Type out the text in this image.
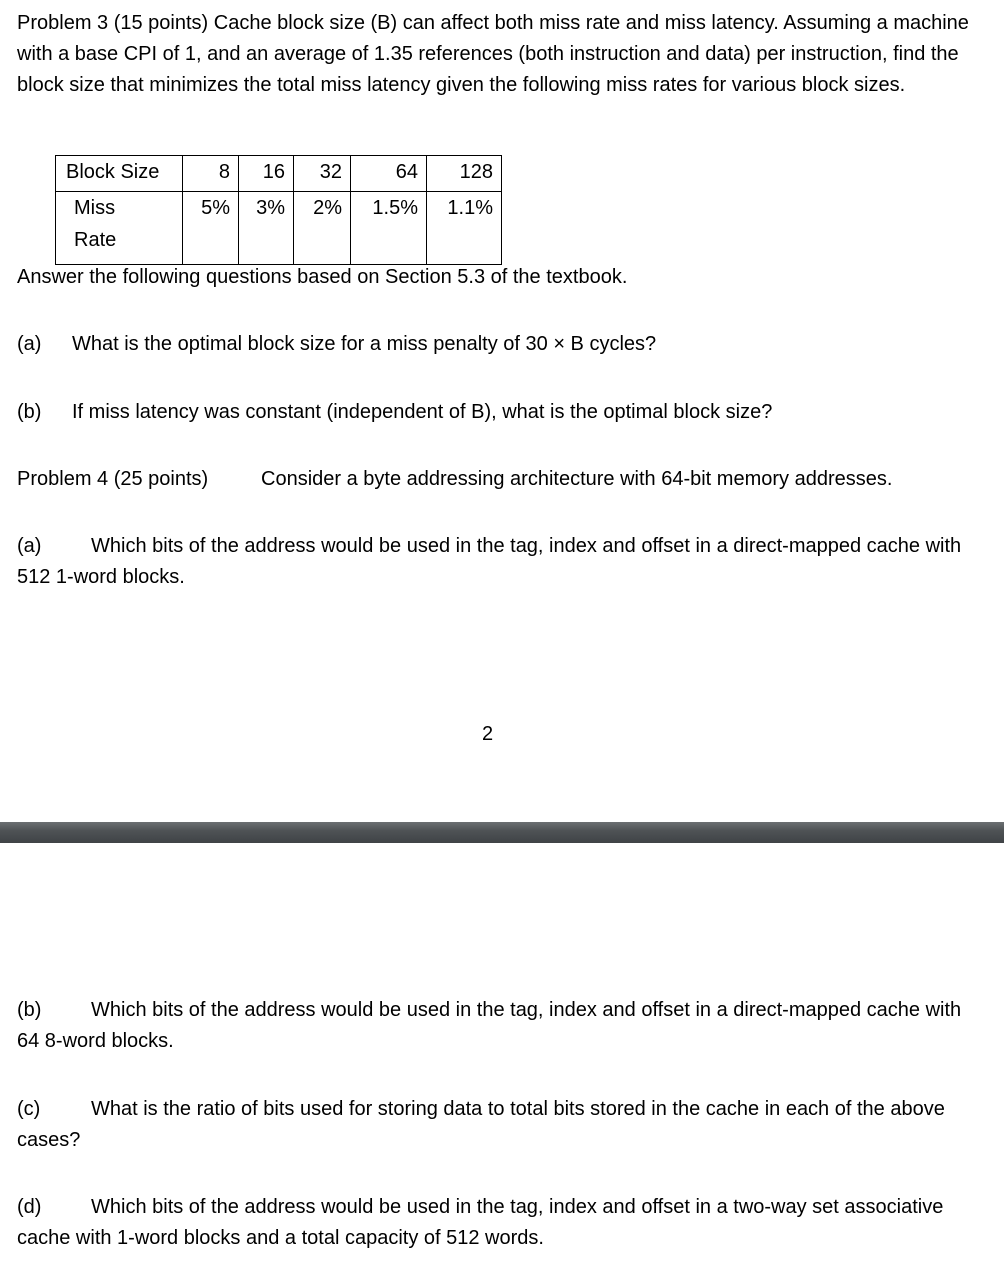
Problem 3 (15 points) Cache block size (B) can affect both miss rate and miss latency. Assuming a machine with a base CPI of 1, and an average of 1.35 references (both instruction and data) per instruction, find the block size that minimizes the total miss latency given the following miss rates for various block sizes.

Block Size	8	16	32	64	128

Miss
Rate	5%	3%	2%	1.5%	1.1%

Answer the following questions based on Section 5.3 of the textbook.

(a) What is the optimal block size for a miss penalty of 30 × B cycles?
(b) If miss latency was constant (independent of B), what is the optimal block size?
Problem 4 (25 points)	Consider a byte addressing architecture with 64-bit memory addresses.

(a) Which bits of the address would be used in the tag, index and offset in a direct-mapped cache with 512 1-word blocks.

2

(b) Which bits of the address would be used in the tag, index and offset in a direct-mapped cache with 64 8-word blocks.

(c)	What is the ratio of bits used for storing data to total bits stored in the cache in each of the above cases?

(d) Which bits of the address would be used in the tag, index and offset in a two-way set associative cache with 1-word blocks and a total capacity of 512 words.
